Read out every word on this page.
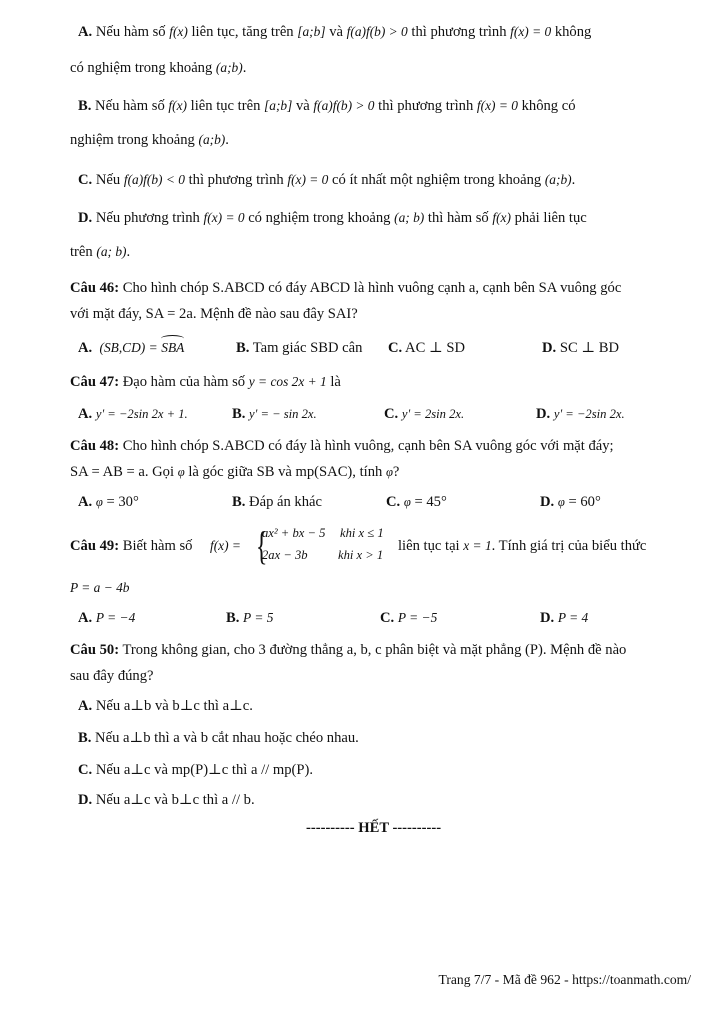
A. Nếu hàm số f(x) liên tục, tăng trên [a;b] và f(a)f(b) > 0 thì phương trình f(x) = 0 không
có nghiệm trong khoảng (a;b).
B. Nếu hàm số f(x) liên tục trên [a;b] và f(a)f(b) > 0 thì phương trình f(x) = 0 không có
nghiệm trong khoảng (a;b).
C. Nếu f(a)f(b) < 0 thì phương trình f(x) = 0 có ít nhất một nghiệm trong khoảng (a;b).
D. Nếu phương trình f(x) = 0 có nghiệm trong khoảng (a; b) thì hàm số f(x) phải liên tục
trên (a; b).
Câu 46: Cho hình chóp S.ABCD có đáy ABCD là hình vuông cạnh a, cạnh bên SA vuông góc
với mặt đáy, SA = 2a. Mệnh đề nào sau đây SAI?
A. (SB,CD) = SBA	B. Tam giác SBD cân C. AC ⊥ SD	D. SC ⊥ BD
Câu 47: Đạo hàm của hàm số y = cos 2x + 1 là
A. y' = −2sin 2x + 1.	B. y' = − sin 2x.	C. y' = 2sin 2x.	D. y' = −2sin 2x.
Câu 48: Cho hình chóp S.ABCD có đáy là hình vuông, cạnh bên SA vuông góc với mặt đáy;
SA = AB = a. Gọi φ là góc giữa SB và mp(SAC), tính φ?
A. φ = 30°	B. Đáp án khác	C. φ = 45°	D. φ = 60°
Câu 49: Biết hàm số f(x) = {
ax² + bx − 5 khi x ≤ 1
2ax − 3b khi x > 1
liên tục tại x = 1. Tính giá trị của biểu thức
P = a − 4b
A. P = −4	B. P = 5	C. P = −5	D. P = 4
Câu 50: Trong không gian, cho 3 đường thẳng a, b, c phân biệt và mặt phẳng (P). Mệnh đề nào
sau đây đúng?
A. Nếu a⊥b và b⊥c thì a⊥c.
B. Nếu a⊥b thì a và b cắt nhau hoặc chéo nhau.
C. Nếu a⊥c và mp(P)⊥c thì a // mp(P).
D. Nếu a⊥c và b⊥c thì a // b.
---------- HẾT ----------
Trang 7/7 - Mã đề 962 - https://toanmath.com/
